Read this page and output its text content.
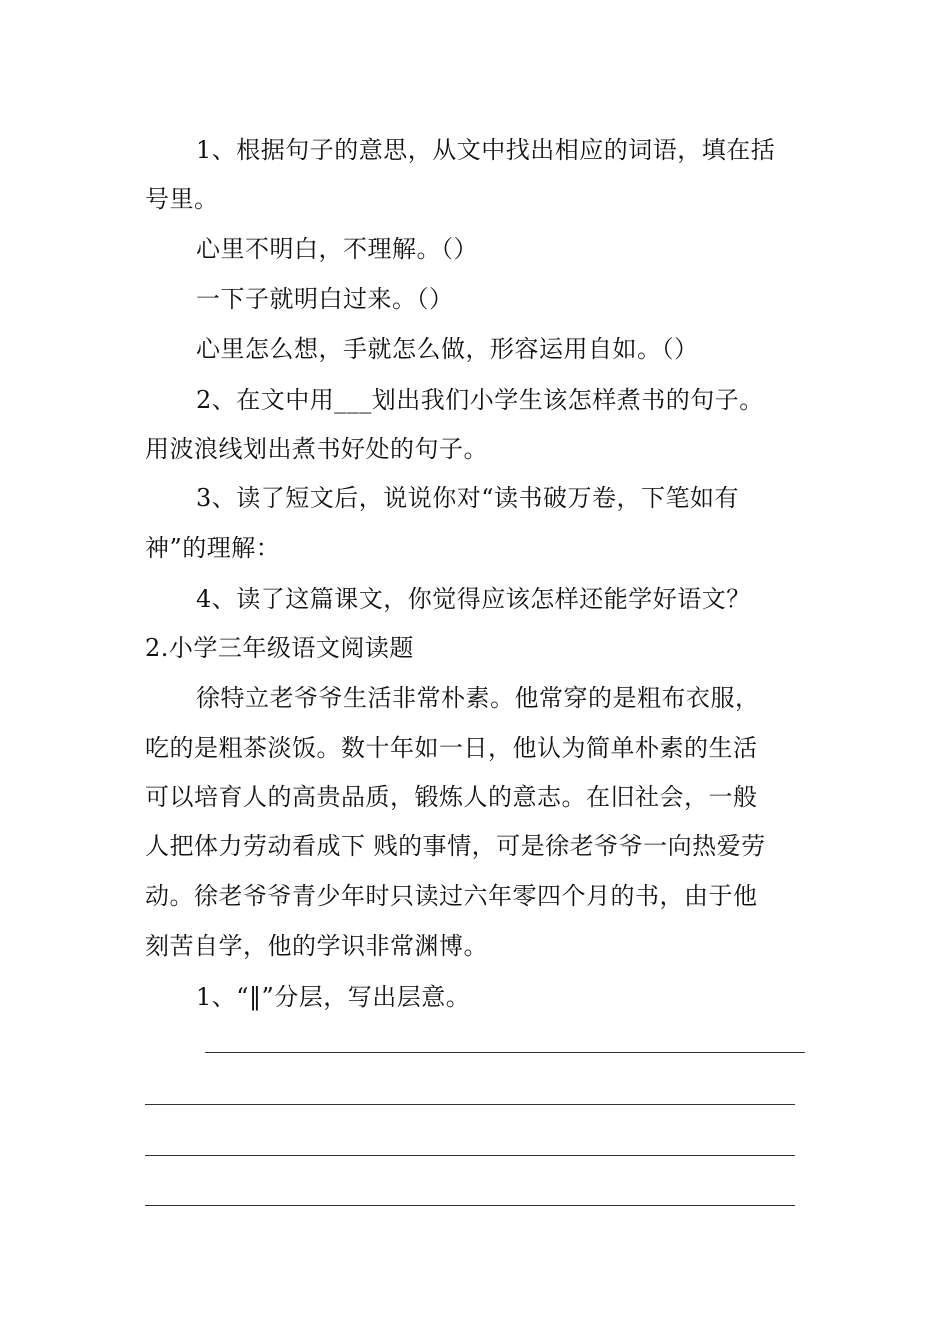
1、根据句子的意思，从文中找出相应的词语，填在括
号里。
心里不明白，不理解。（）
一下子就明白过来。（）
心里怎么想，手就怎么做，形容运用自如。（）
2、在文中用___划出我们小学生该怎样煮书的句子。
用波浪线划出煮书好处的句子。
3、读了短文后，说说你对“读书破万卷，下笔如有
神”的理解：
4、读了这篇课文，你觉得应该怎样还能学好语文？
2.小学三年级语文阅读题
徐特立老爷爷生活非常朴素。他常穿的是粗布衣服，
吃的是粗茶淡饭。数十年如一日，他认为简单朴素的生活
可以培育人的高贵品质，锻炼人的意志。在旧社会，一般
人把体力劳动看成下 贱的事情，可是徐老爷爷一向热爱劳
动。徐老爷爷青少年时只读过六年零四个月的书，由于他
刻苦自学，他的学识非常渊博。
1、“‖”分层，写出层意。
